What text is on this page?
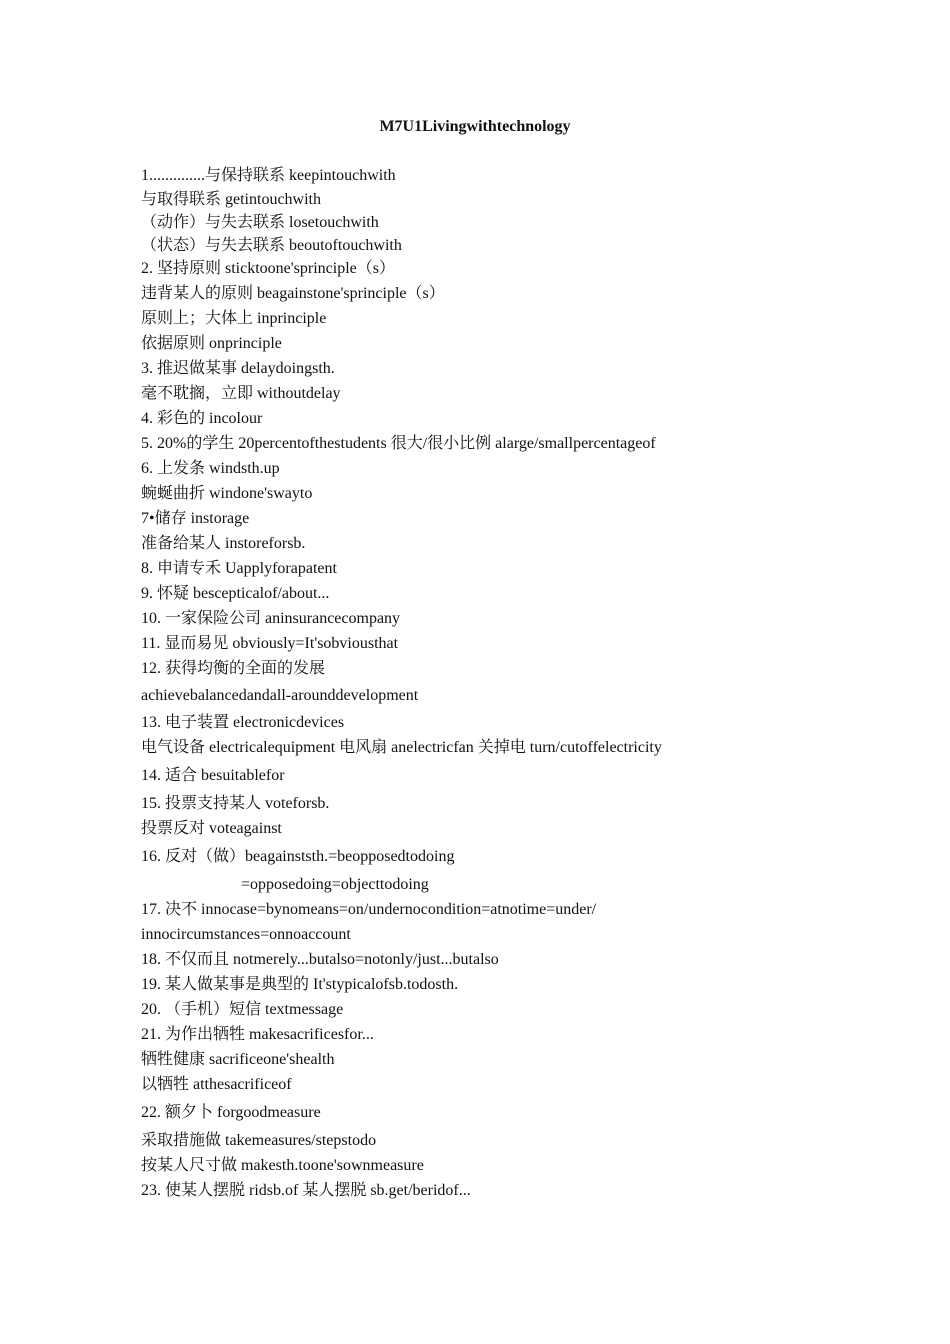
M7U1Livingwithtechnology
1..............与保持联系 keepintouchwith
与取得联系 getintouchwith
（动作）与失去联系 losetouchwith
（状态）与失去联系 beoutoftouchwith
2. 坚持原则 sticktoone'sprinciple（s）
违背某人的原则 beagainstone'sprinciple（s）
原则上；大体上 inprinciple
依据原则 onprinciple
3. 推迟做某事 delaydoingsth.
毫不耽搁，立即 withoutdelay
4. 彩色的 incolour
5. 20%的学生 20percentofthestudents 很大/很小比例 alarge/smallpercentageof
6. 上发条 windsth.up
蜿蜒曲折 windone'swayto
7•储存 instorage
准备给某人 instoreforsb.
8. 申请专禾 Uapplyforapatent
9. 怀疑 bescepticalof/about...
10. 一家保险公司 aninsurancecompany
11. 显而易见 obviously=It'sobviousthat
12. 获得均衡的全面的发展
achievebalancedandall-arounddevelopment
13. 电子装置 electronicdevices
电气设备 electricalequipment 电风扇 anelectricfan 关掉电 turn/cutoffelectricity
14. 适合 besuitablefor
15. 投票支持某人 voteforsb.
投票反对 voteagainst
16. 反对（做）beagainststh.=beopposedtodoing
=opposedoing=objecttodoing
17. 决不 innocase=bynomeans=on/undernocondition=atnotime=under/
innocircumstances=onnoaccount
18. 不仅而且 notmerely...butalso=notonly/just...butalso
19. 某人做某事是典型的 It'stypicalofsb.todosth.
20. （手机）短信 textmessage
21. 为作出牺牲 makesacrificesfor...
牺牲健康 sacrificeone'shealth
以牺牲 atthesacrificeof
22. 额夕卜 forgoodmeasure
采取措施做 takemeasures/stepstodo
按某人尺寸做 makesth.toone'sownmeasure
23. 使某人摆脱 ridsb.of 某人摆脱 sb.get/beridof...
